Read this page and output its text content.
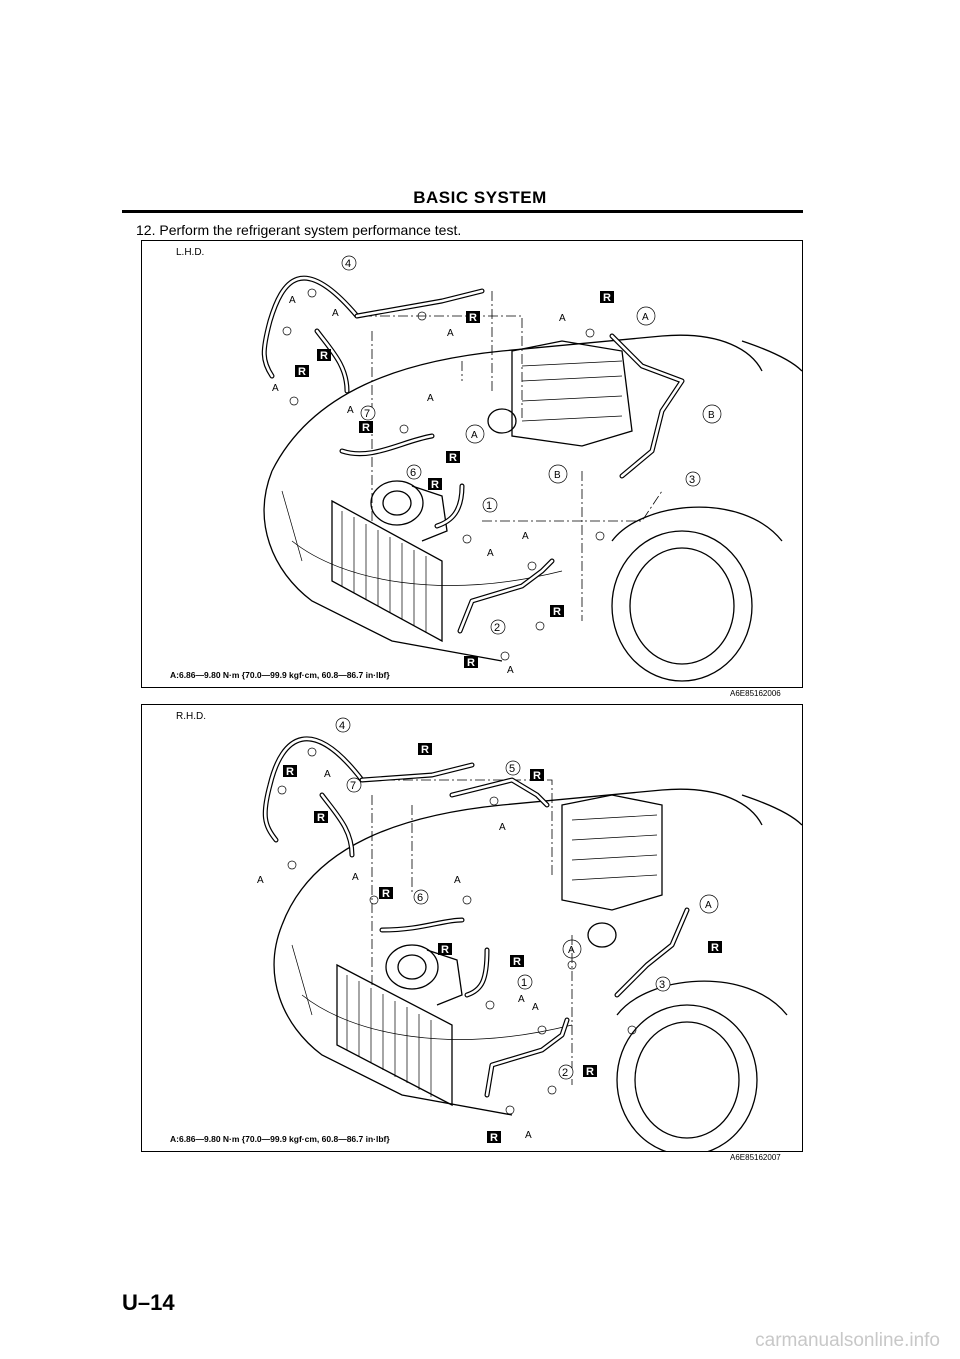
BASIC SYSTEM
12. Perform the refrigerant system performance test.
L.H.D.
A
A
A
A
A
A
A
A
A
A
A
A
B
B
4
7
6
1
3
2
R
R
R
R
R
R
R
R
R
A:6.86—9.80 N·m {70.0—99.9 kgf·cm, 60.8—86.7 in·lbf}
A6E85162006
R.H.D.
A
A
A	A	A
A
A
A
A
A
4
7
5
6
1	3
2
R
R	R
R
R
R
R
R
R
R
A:6.86—9.80 N·m {70.0—99.9 kgf·cm, 60.8—86.7 in·lbf}
A6E85162007
U–14
carmanualsonline.info
